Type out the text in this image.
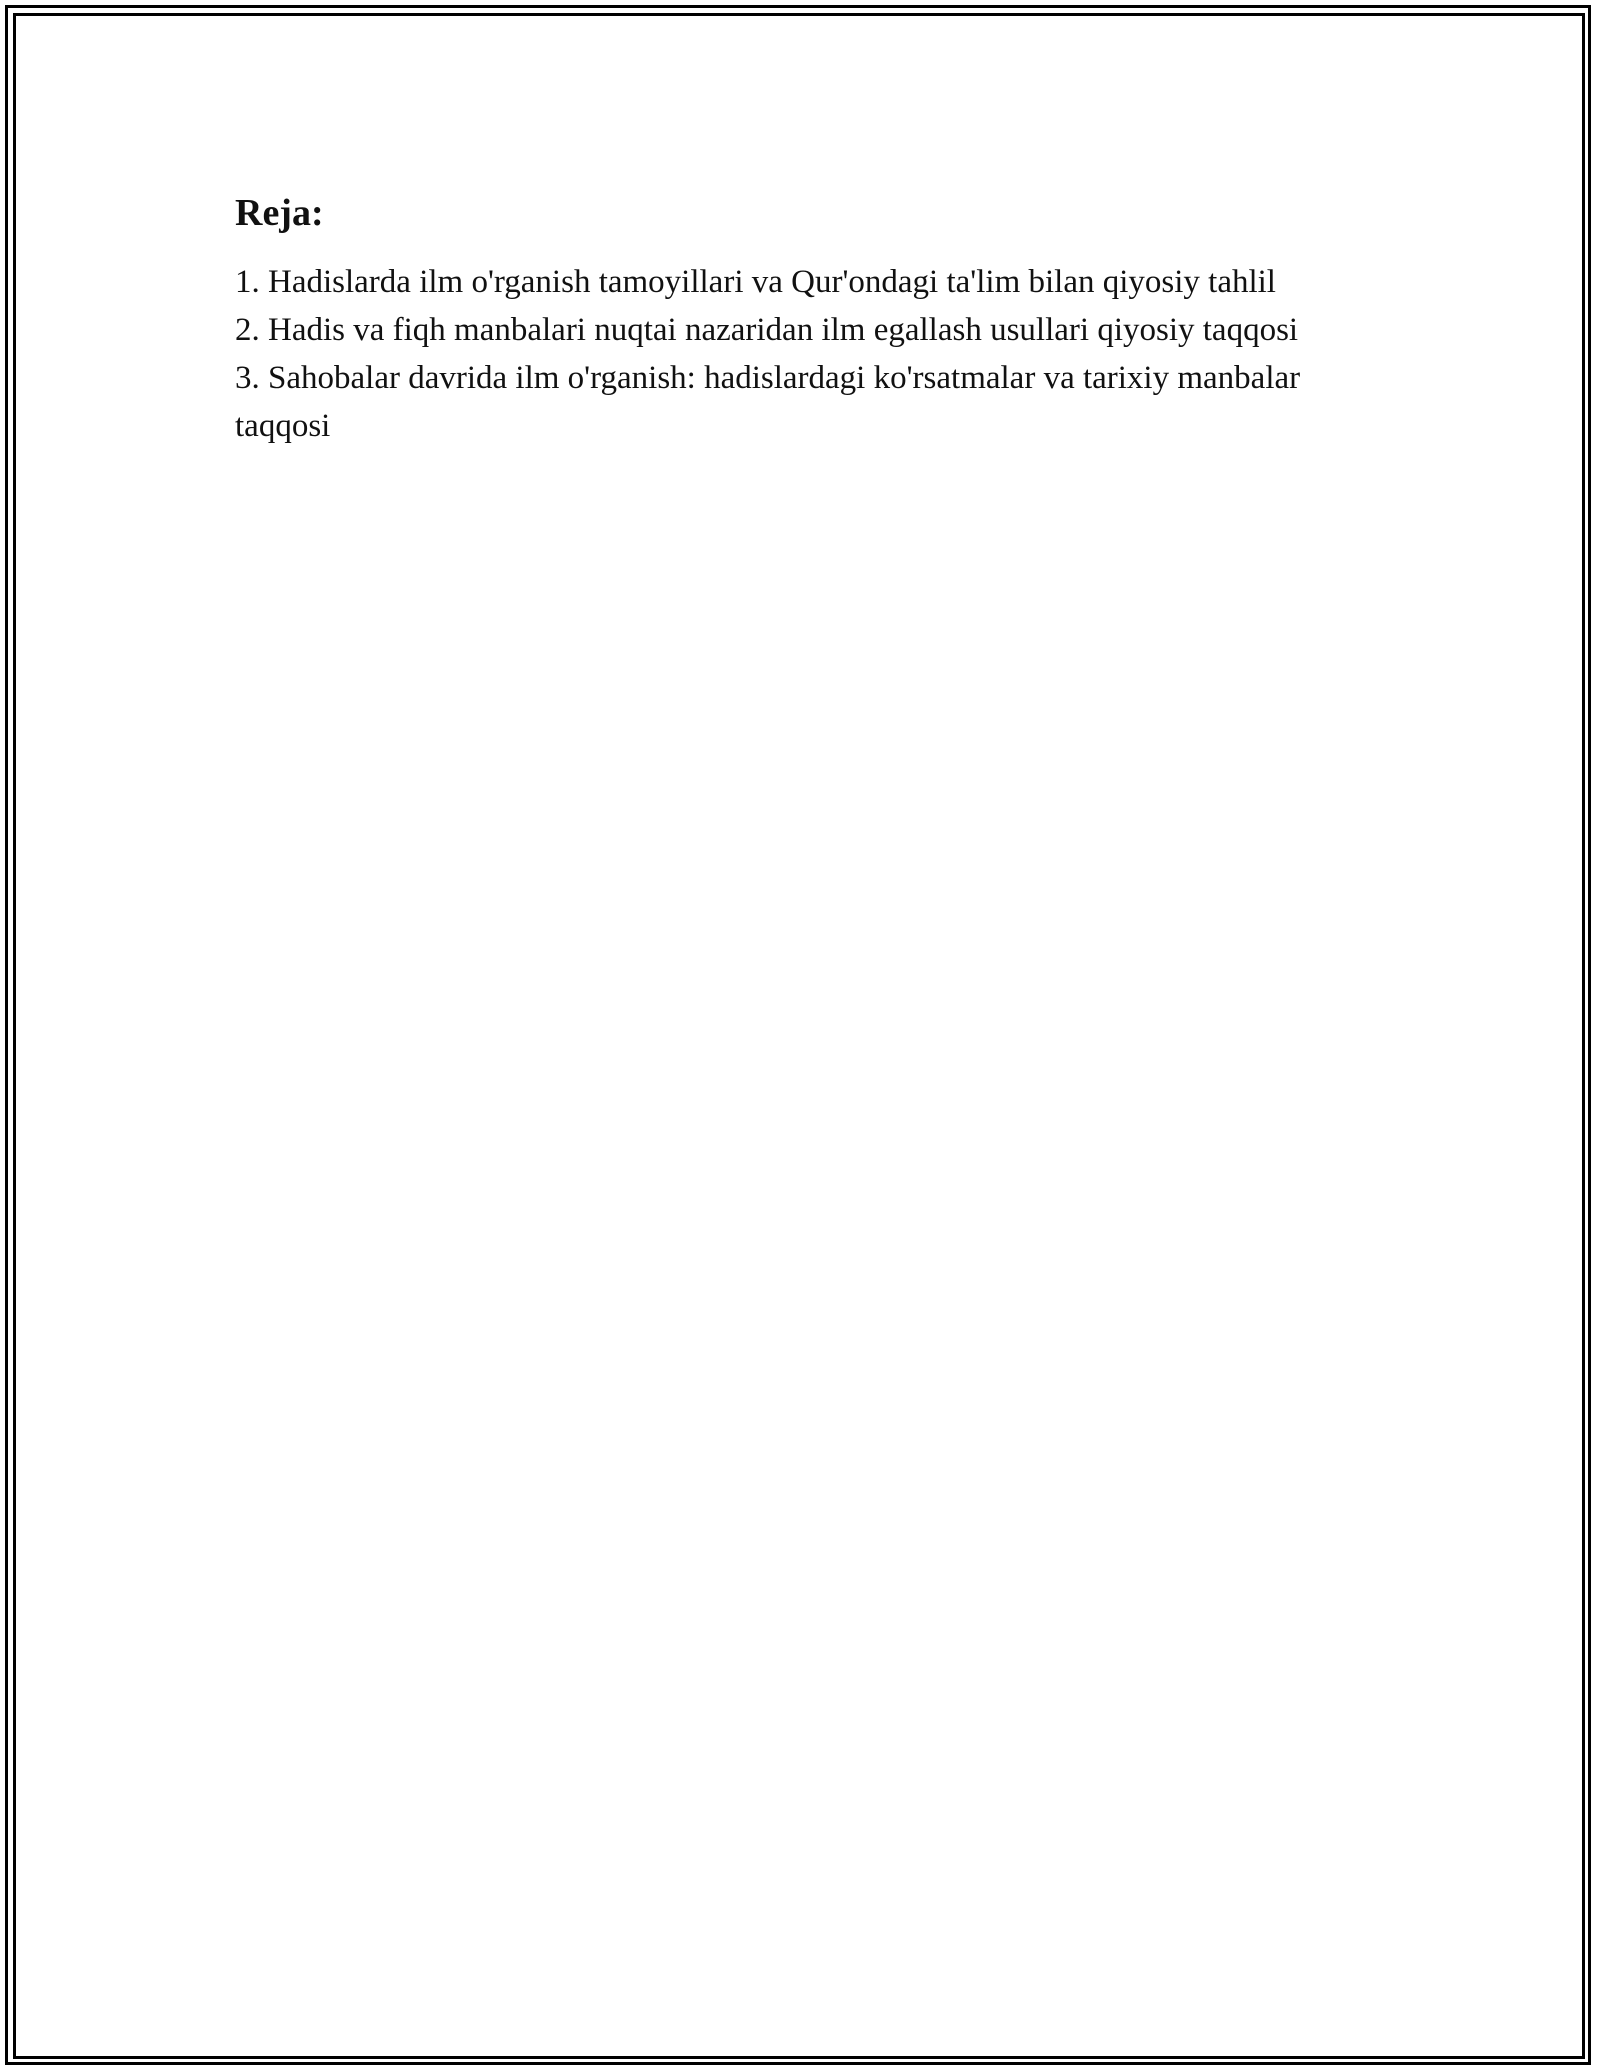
Reja:
1. Hadislarda ilm o'rganish tamoyillari va Qur'ondagi ta'lim bilan qiyosiy tahlil
2. Hadis va fiqh manbalari nuqtai nazaridan ilm egallash usullari qiyosiy taqqosi
3. Sahobalar davrida ilm o'rganish: hadislardagi ko'rsatmalar va tarixiy manbalar taqqosi
